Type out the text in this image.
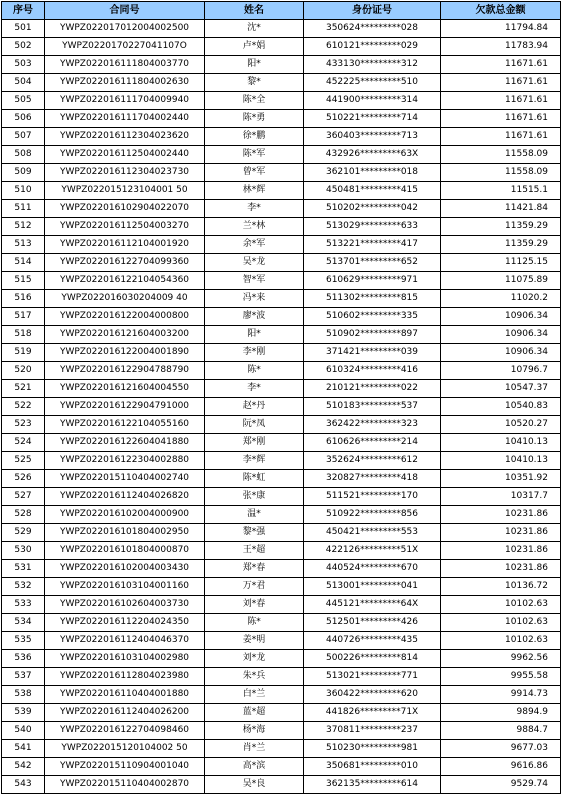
序号	合同号	姓名	身份证号	欠款总金额
501	YWPZ022017012004002500	沈*	350624*********028	11794.84
502	YWPZ0220170227041107O	卢*娟	610121*********029	11783.94
503	YWPZ022016111804003770	阳*	433130*********312	11671.61
504	YWPZ022016111804002630	黎*	452225*********510	11671.61
505	YWPZ022016111704009940	陈*全	441900*********314	11671.61
506	YWPZ022016111704002440	陈*勇	510221*********714	11671.61
507	YWPZ022016112304023620	徐*鹏	360403*********713	11671.61
508	YWPZ022016112504002440	陈*军	432926*********63X	11558.09
509	YWPZ022016112304023730	曾*军	362101*********018	11558.09
510	YWPZ022015123104001 50	林*辉	450481*********415	11515.1
511	YWPZ022016102904022070	李*	510202*********042	11421.84
512	YWPZ022016112504003270	兰*林	513029*********633	11359.29
513	YWPZ022016112104001920	余*军	513221*********417	11359.29
514	YWPZ022016122704099360	吴*龙	513701*********652	11125.15
515	YWPZ022016122104054360	智*军	610629*********971	11075.89
516	YWPZ022016030204009 40	冯*来	511302*********815	11020.2
517	YWPZ022016122004000800	廖*波	510602*********335	10906.34
518	YWPZ022016121604003200	阳*	510902*********897	10906.34
519	YWPZ022016122004001890	李*刚	371421*********039	10906.34
520	YWPZ022016122904788790	陈*	610324*********416	10796.7
521	YWPZ022016121604004550	李*	210121*********022	10547.37
522	YWPZ022016122904791000	赵*丹	510183*********537	10540.83
523	YWPZ022016122104055160	阮*凤	362422*********323	10520.27
524	YWPZ022016122604041880	郑*刚	610626*********214	10410.13
525	YWPZ022016122304002880	李*辉	352624*********612	10410.13
526	YWPZ022015110404002740	陈*虹	320827*********418	10351.92
527	YWPZ022016112404026820	张*康	511521*********170	10317.7
528	YWPZ022016102004000900	温*	510922*********856	10231.86
529	YWPZ022016101804002950	黎*强	450421*********553	10231.86
530	YWPZ022016101804000870	王*超	422126*********51X	10231.86
531	YWPZ022016102004003430	郑*春	440524*********670	10231.86
532	YWPZ022016103104001160	万*君	513001*********041	10136.72
533	YWPZ022016102604003730	刘*春	445121*********64X	10102.63
534	YWPZ022016112204024350	陈*	512501*********426	10102.63
535	YWPZ022016112404046370	姜*明	440726*********435	10102.63
536	YWPZ022016103104002980	刘*龙	500226*********814	9962.56
537	YWPZ022016112804023980	朱*兵	513021*********771	9955.58
538	YWPZ022016110404001880	白*兰	360422*********620	9914.73
539	YWPZ022016112404026200	蓝*超	441826*********71X	9894.9
540	YWPZ022016122704098460	杨*海	370811*********237	9884.7
541	YWPZ022015120104002 50	肖*兰	510230*********981	9677.03
542	YWPZ022015110904001040	高*滨	350681*********010	9616.86
543	YWPZ022015110404002870	吴*良	362135*********614	9529.74
